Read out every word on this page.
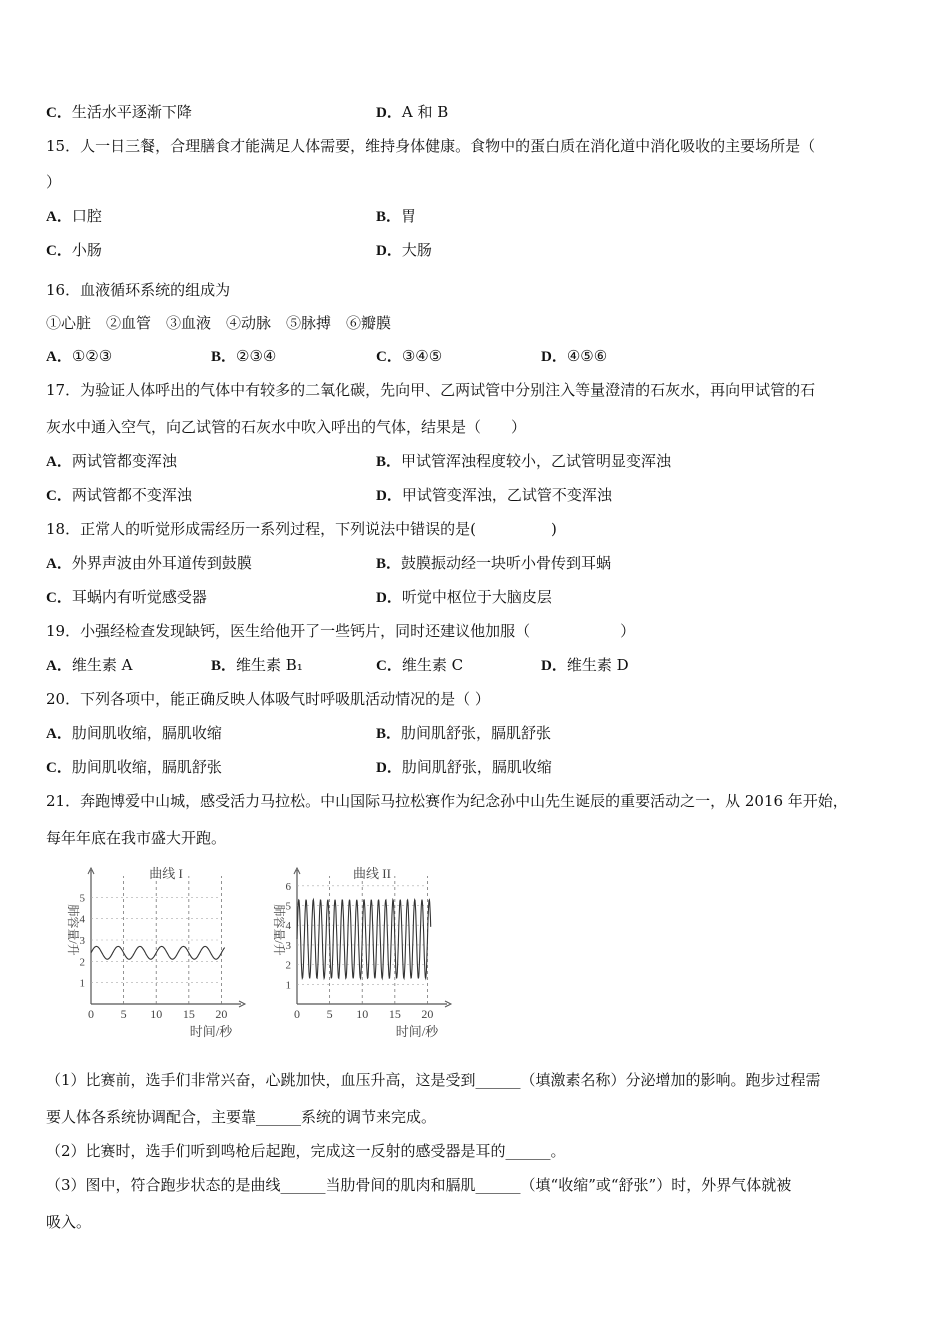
C．生活水平逐渐下降	D．A 和 B
15．人一日三餐，合理膳食才能满足人体需要，维持身体健康。食物中的蛋白质在消化道中消化吸收的主要场所是（
）
A．口腔	B．胃
C．小肠	D．大肠
16．血液循环系统的组成为
①心脏　②血管　③血液　④动脉　⑤脉搏　⑥瓣膜
A．①②③	B．②③④	C．③④⑤	D．④⑤⑥
17．为验证人体呼出的气体中有较多的二氧化碳，先向甲、乙两试管中分别注入等量澄清的石灰水，再向甲试管的石
灰水中通入空气，向乙试管的石灰水中吹入呼出的气体，结果是（　　）
A．两试管都变浑浊	B．甲试管浑浊程度较小，乙试管明显变浑浊
C．两试管都不变浑浊	D．甲试管变浑浊，乙试管不变浑浊
18．正常人的听觉形成需经历一系列过程，下列说法中错误的是(　　　　　)
A．外界声波由外耳道传到鼓膜	B．鼓膜振动经一块听小骨传到耳蜗
C．耳蜗内有听觉感受器	D．听觉中枢位于大脑皮层
19．小强经检查发现缺钙，医生给他开了一些钙片，同时还建议他加服（　　　　　　）
A．维生素 A	B．维生素 B₁	C．维生素 C	D．维生素 D
20．下列各项中，能正确反映人体吸气时呼吸肌活动情况的是（ ）
A．肋间肌收缩，膈肌收缩	B．肋间肌舒张，膈肌舒张
C．肋间肌收缩，膈肌舒张	D．肋间肌舒张，膈肌收缩
21．奔跑博爱中山城，感受活力马拉松。中山国际马拉松赛作为纪念孙中山先生诞辰的重要活动之一，从 2016 年开始，
每年年底在我市盛大开跑。
0 5 10 15 20
1
2
3
4
5
曲线 I
时间/秒
肺容量/升
0 5 10 15 20
1
2
3
4
5
6
曲线 II
时间/秒
肺容量/升
（1）比赛前，选手们非常兴奋，心跳加快，血压升高，这是受到______（填激素名称）分泌增加的影响。跑步过程需
要人体各系统协调配合，主要靠______系统的调节来完成。
（2）比赛时，选手们听到鸣枪后起跑，完成这一反射的感受器是耳的______。
（3）图中，符合跑步状态的是曲线______当肋骨间的肌肉和膈肌______（填“收缩”或“舒张”）时，外界气体就被
吸入。
